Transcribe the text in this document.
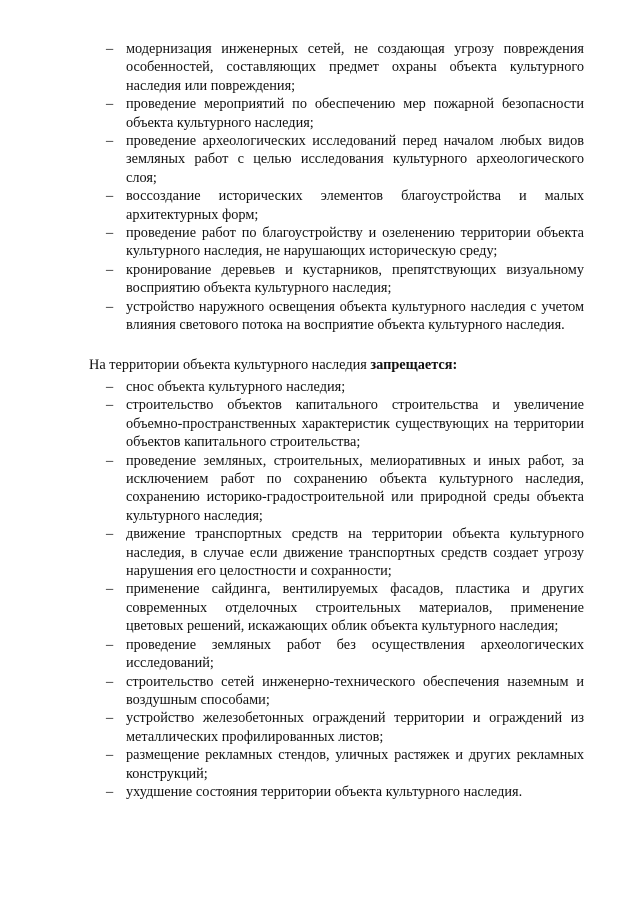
– модернизация инженерных сетей, не создающая угрозу повреждения особенностей, составляющих предмет охраны объекта культурного наследия или повреждения;
– проведение мероприятий по обеспечению мер пожарной безопасности объекта культурного наследия;
– проведение археологических исследований перед началом любых видов земляных работ с целью исследования культурного археологического слоя;
– воссоздание исторических элементов благоустройства и малых архитектурных форм;
– проведение работ по благоустройству и озеленению территории объекта культурного наследия, не нарушающих историческую среду;
– кронирование деревьев и кустарников, препятствующих визуальному восприятию объекта культурного наследия;
– устройство наружного освещения объекта культурного наследия с учетом влияния светового потока на восприятие объекта культурного наследия.

На территории объекта культурного наследия запрещается:

– снос объекта культурного наследия;
– строительство объектов капитального строительства и увеличение объемно-пространственных характеристик существующих на территории объектов капитального строительства;
– проведение земляных, строительных, мелиоративных и иных работ, за исключением работ по сохранению объекта культурного наследия, сохранению историко-градостроительной или природной среды объекта культурного наследия;
– движение транспортных средств на территории объекта культурного наследия, в случае если движение транспортных средств создает угрозу нарушения его целостности и сохранности;
– применение сайдинга, вентилируемых фасадов, пластика и других современных отделочных строительных материалов, применение цветовых решений, искажающих облик объекта культурного наследия;
– проведение земляных работ без осуществления археологических исследований;
– строительство сетей инженерно-технического обеспечения наземным и воздушным способами;
– устройство железобетонных ограждений территории и ограждений из металлических профилированных листов;
– размещение рекламных стендов, уличных растяжек и других рекламных конструкций;
– ухудшение состояния территории объекта культурного наследия.
